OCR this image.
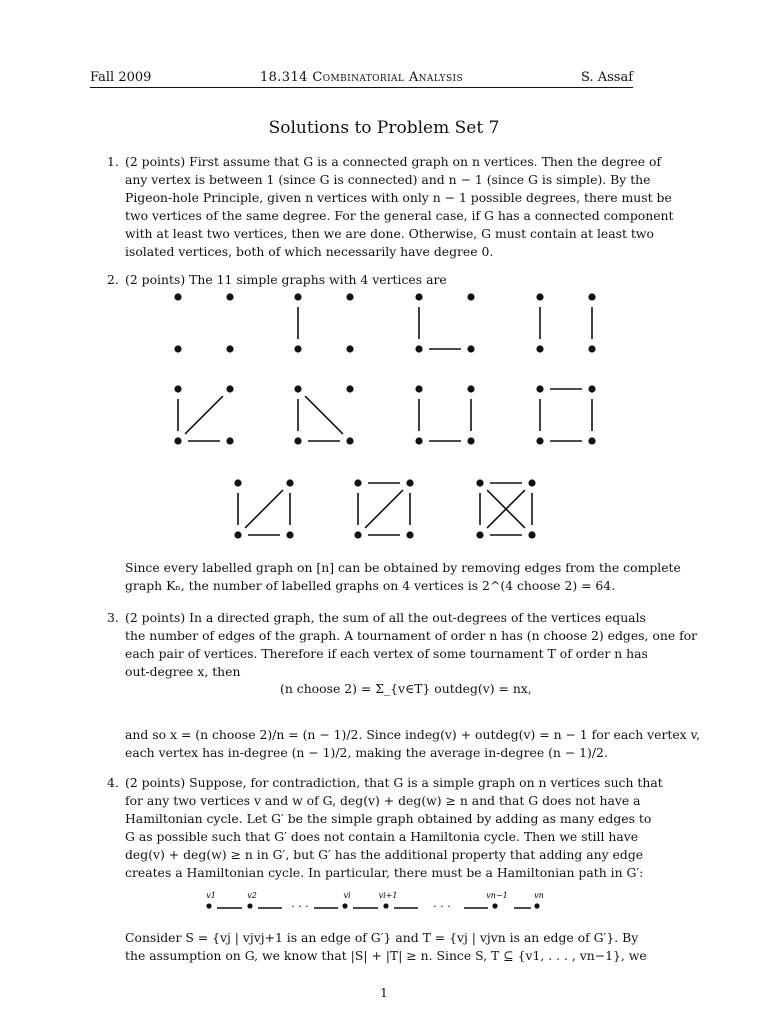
Fall 2009	18.314 Combinatorial Analysis	S. Assaf
Solutions to Problem Set 7
1. (2 points) First assume that G is a connected graph on n vertices. Then the degree of
any vertex is between 1 (since G is connected) and n − 1 (since G is simple). By the
Pigeon-hole Principle, given n vertices with only n − 1 possible degrees, there must be
two vertices of the same degree. For the general case, if G has a connected component
with at least two vertices, then we are done. Otherwise, G must contain at least two
isolated vertices, both of which necessarily have degree 0.
2. (2 points) The 11 simple graphs with 4 vertices are
Since every labelled graph on [n] can be obtained by removing edges from the complete
graph Kₙ, the number of labelled graphs on 4 vertices is 2^(4 choose 2) = 64.
3. (2 points) In a directed graph, the sum of all the out-degrees of the vertices equals
the number of edges of the graph. A tournament of order n has (n choose 2) edges, one for
each pair of vertices. Therefore if each vertex of some tournament T of order n has
out-degree x, then
(n choose 2) = Σ_{v∈T} outdeg(v) = nx,
and so x = (n choose 2)/n = (n − 1)/2. Since indeg(v) + outdeg(v) = n − 1 for each vertex v,
each vertex has in-degree (n − 1)/2, making the average in-degree (n − 1)/2.
4. (2 points) Suppose, for contradiction, that G is a simple graph on n vertices such that
for any two vertices v and w of G, deg(v) + deg(w) ≥ n and that G does not have a
Hamiltonian cycle. Let G′ be the simple graph obtained by adding as many edges to
G as possible such that G′ does not contain a Hamiltonia cycle. Then we still have
deg(v) + deg(w) ≥ n in G′, but G′ has the additional property that adding any edge
creates a Hamiltonian cycle. In particular, there must be a Hamiltonian path in G′:
v1	v2	vi	vi+1	vn−1	vn
· · ·	· · ·
Consider S = {vj | vjvj+1 is an edge of G′} and T = {vj | vjvn is an edge of G′}. By
the assumption on G, we know that |S| + |T| ≥ n. Since S, T ⊆ {v1, . . . , vn−1}, we
1
